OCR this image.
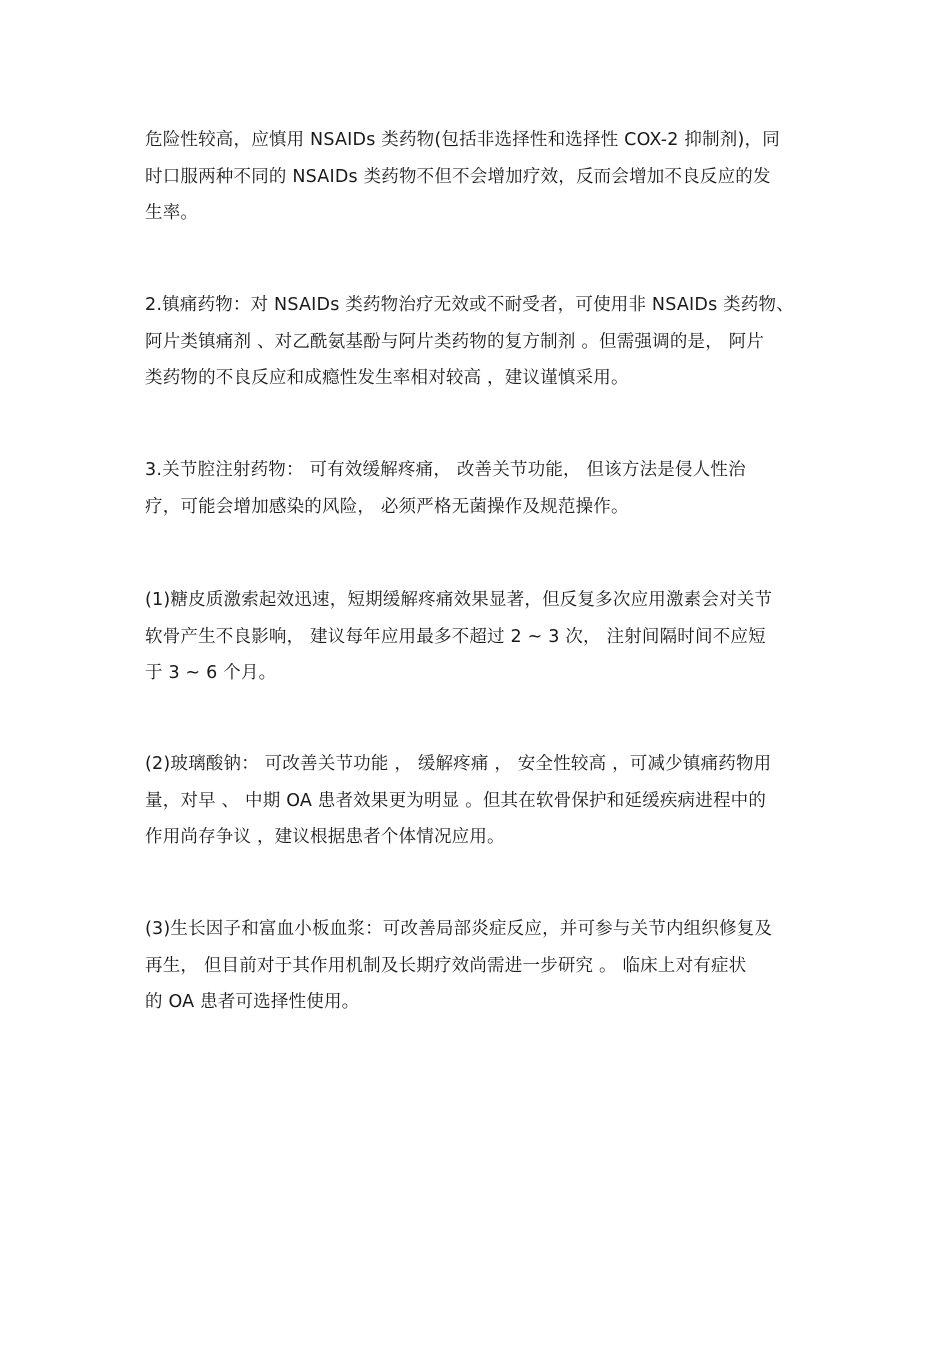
危险性较高，应慎用 NSAIDs 类药物(包括非选择性和选择性 COX-2 抑制剂)，同
时口服两种不同的 NSAIDs 类药物不但不会增加疗效，反而会增加不良反应的发
生率。
2.镇痛药物：对 NSAIDs 类药物治疗无效或不耐受者，可使用非 NSAIDs 类药物、
阿片类镇痛剂 、对乙酰氨基酚与阿片类药物的复方制剂 。但需强调的是， 阿片
类药物的不良反应和成瘾性发生率相对较高 ，建议谨慎采用。
3.关节腔注射药物： 可有效缓解疼痛， 改善关节功能， 但该方法是侵人性治
疗，可能会增加感染的风险， 必须严格无菌操作及规范操作。
(1)糖皮质激索起效迅速，短期缓解疼痛效果显著，但反复多次应用激素会对关节
软骨产生不良影响， 建议每年应用最多不超过 2 ~ 3 次， 注射间隔时间不应短
于 3 ~ 6 个月。
(2)玻璃酸钠： 可改善关节功能 ， 缓解疼痛 ， 安全性较高 ，可减少镇痛药物用
量，对早 、 中期 OA 患者效果更为明显 。但其在软骨保护和延缓疾病进程中的
作用尚存争议 ，建议根据患者个体情况应用。
(3)生长因子和富血小板血浆：可改善局部炎症反应，并可参与关节内组织修复及
再生， 但目前对于其作用机制及长期疗效尚需进一步研究 。 临床上对有症状
的 OA 患者可选择性使用。
